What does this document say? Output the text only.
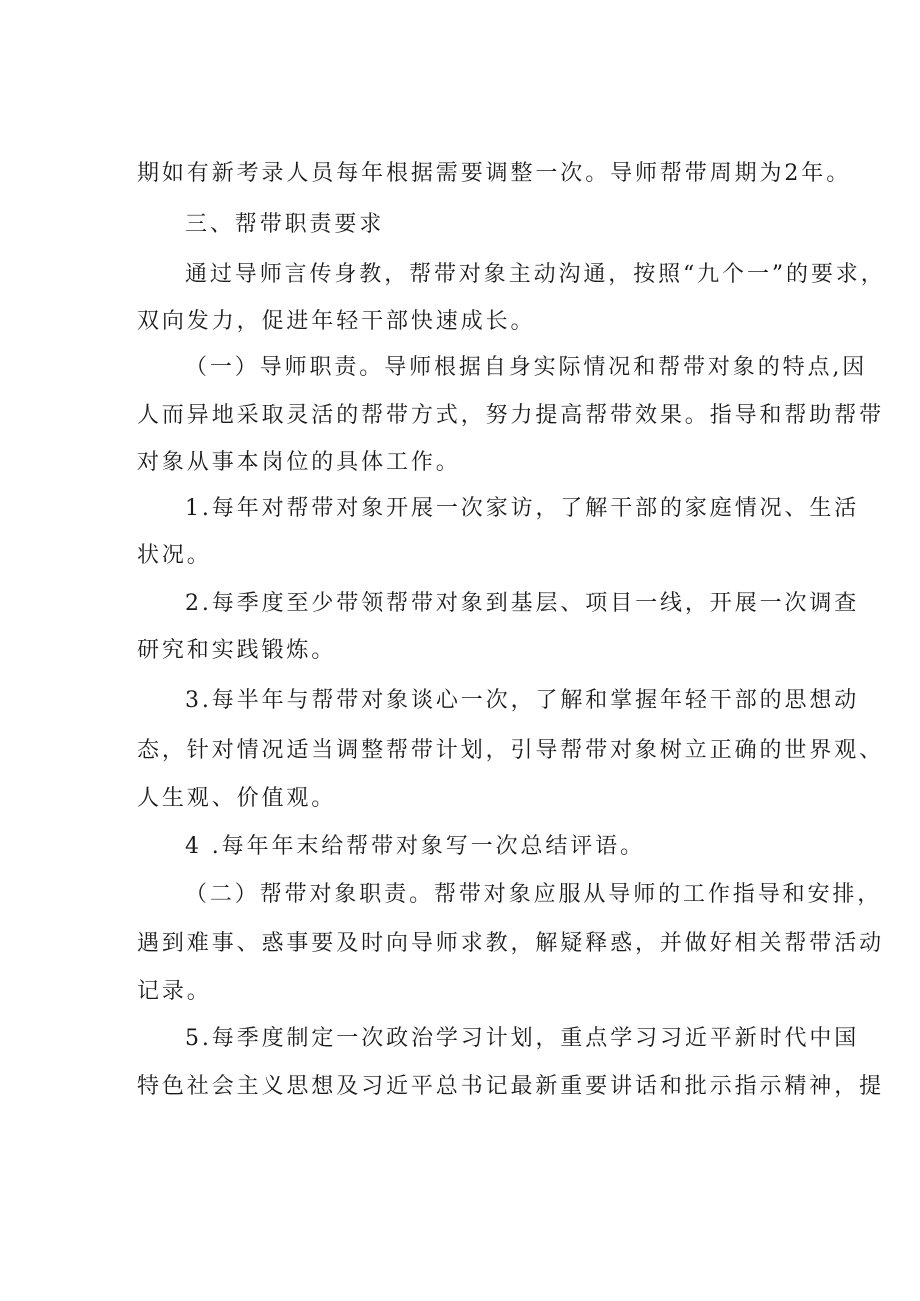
期如有新考录人员每年根据需要调整一次。导师帮带周期为2年。
三、帮带职责要求
通过导师言传身教，帮带对象主动沟通，按照“九个一”的要求，
双向发力，促进年轻干部快速成长。
（一）导师职责。导师根据自身实际情况和帮带对象的特点,因
人而异地采取灵活的帮带方式，努力提高帮带效果。指导和帮助帮带
对象从事本岗位的具体工作。
1.每年对帮带对象开展一次家访，了解干部的家庭情况、生活
状况。
2.每季度至少带领帮带对象到基层、项目一线，开展一次调查
研究和实践锻炼。
3.每半年与帮带对象谈心一次，了解和掌握年轻干部的思想动
态，针对情况适当调整帮带计划，引导帮带对象树立正确的世界观、
人生观、价值观。
4 .每年年末给帮带对象写一次总结评语。
（二）帮带对象职责。帮带对象应服从导师的工作指导和安排，
遇到难事、惑事要及时向导师求教，解疑释惑，并做好相关帮带活动
记录。
5.每季度制定一次政治学习计划，重点学习习近平新时代中国
特色社会主义思想及习近平总书记最新重要讲话和批示指示精神，提
